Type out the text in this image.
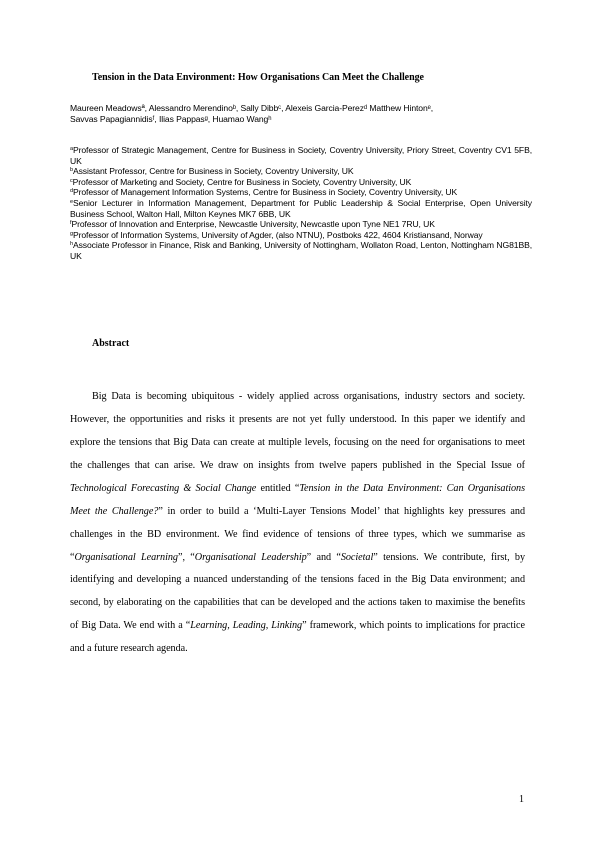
Tension in the Data Environment: How Organisations Can Meet the Challenge
Maureen Meadowsª, Alessandro Merendinoᵇ, Sally Dibbᶜ, Alexeis Garcia-Perezᵈ Matthew Hintonᵉ,
Savvas Papagiannidisᶠ, Ilias Pappasᵍ, Huamao Wangʰ
$^a$Professor of Strategic Management, Centre for Business in Society, Coventry University, Priory Street, Coventry CV1 5FB, UK
$^b$Assistant Professor, Centre for Business in Society, Coventry University, UK
$^c$Professor of Marketing and Society, Centre for Business in Society, Coventry University, UK
$^d$Professor of Management Information Systems, Centre for Business in Society, Coventry University, UK
$^e$Senior Lecturer in Information Management, Department for Public Leadership & Social Enterprise, Open University Business School, Walton Hall, Milton Keynes MK7 6BB, UK
$^f$Professor of Innovation and Enterprise, Newcastle University, Newcastle upon Tyne NE1 7RU, UK
$^g$Professor of Information Systems, University of Agder, (also NTNU), Postboks 422, 4604 Kristiansand, Norway
$^h$Associate Professor in Finance, Risk and Banking, University of Nottingham, Wollaton Road, Lenton, Nottingham NG81BB, UK
Abstract

Big Data is becoming ubiquitous - widely applied across organisations, industry sectors and society. However, the opportunities and risks it presents are not yet fully understood. In this paper we identify and explore the tensions that Big Data can create at multiple levels, focusing on the need for organisations to meet the challenges that can arise. We draw on insights from twelve papers published in the Special Issue of Technological Forecasting & Social Change entitled “Tension in the Data Environment: Can Organisations Meet the Challenge?” in order to build a ‘Multi-Layer Tensions Model’ that highlights key pressures and challenges in the BD environment. We find evidence of tensions of three types, which we summarise as “Organisational Learning”, “Organisational Leadership” and “Societal” tensions. We contribute, first, by identifying and developing a nuanced understanding of the tensions faced in the Big Data environment; and second, by elaborating on the capabilities that can be developed and the actions taken to maximise the benefits of Big Data. We end with a “Learning, Leading, Linking” framework, which points to implications for practice and a future research agenda.

1
